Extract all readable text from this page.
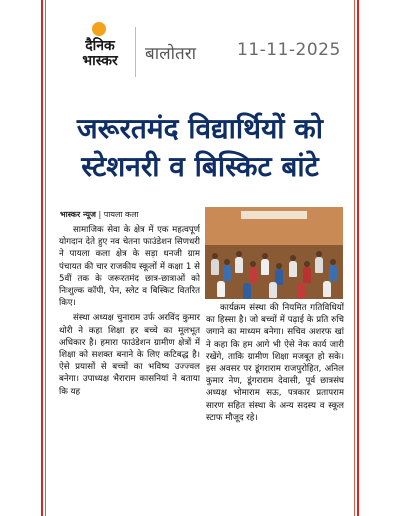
दैनिक
भास्कर	बालोतरा 11-11-2025
जरूरतमंद विद्यार्थियों को
स्टेशनरी व बिस्किट बांटे
भास्कर न्यूज | पायला कला

सामाजिक सेवा के क्षेत्र में एक महत्वपूर्ण योगदान देते हुए नव चेतना फाउंडेशन सिणधरी ने पायला कला क्षेत्र के सड़ा धनजी ग्राम पंचायत की चार राजकीय स्कूलों में कक्षा 1 से 5वीं तक के जरूरतमंद छात्र-छात्राओं को निःशुल्क कॉपी, पेन, स्लेट व बिस्किट वितरित किए।

संस्था अध्यक्ष चुनाराम उर्फ अरविंद कुमार थोरी ने कहा शिक्षा हर बच्चे का मूलभूत अधिकार है। हमारा फाउंडेशन ग्रामीण क्षेत्रों में शिक्षा को सशक्त बनाने के लिए कटिबद्ध है। ऐसे प्रयासों से बच्चों का भविष्य उज्ज्वल बनेगा। उपाध्यक्ष भैराराम कासनियां ने बताया कि यह

कार्यक्रम संस्था की नियमित गतिविधियों का हिस्सा है। जो बच्चों में पढ़ाई के प्रति रुचि जगाने का माध्यम बनेगा। सचिव अशरफ खां ने कहा कि हम आगे भी ऐसे नेक कार्य जारी रखेंगे, ताकि ग्रामीण शिक्षा मजबूत हो सके। इस अवसर पर डूंगराराम राजपुरोहित, अनिल कुमार नेण, डूंगराराम देवासी, पूर्व छात्रसंघ अध्यक्ष भोमाराम सऊ, पत्रकार प्रतापराम सारण सहित संस्था के अन्य सदस्य व स्कूल स्टाफ मौजूद रहे।
